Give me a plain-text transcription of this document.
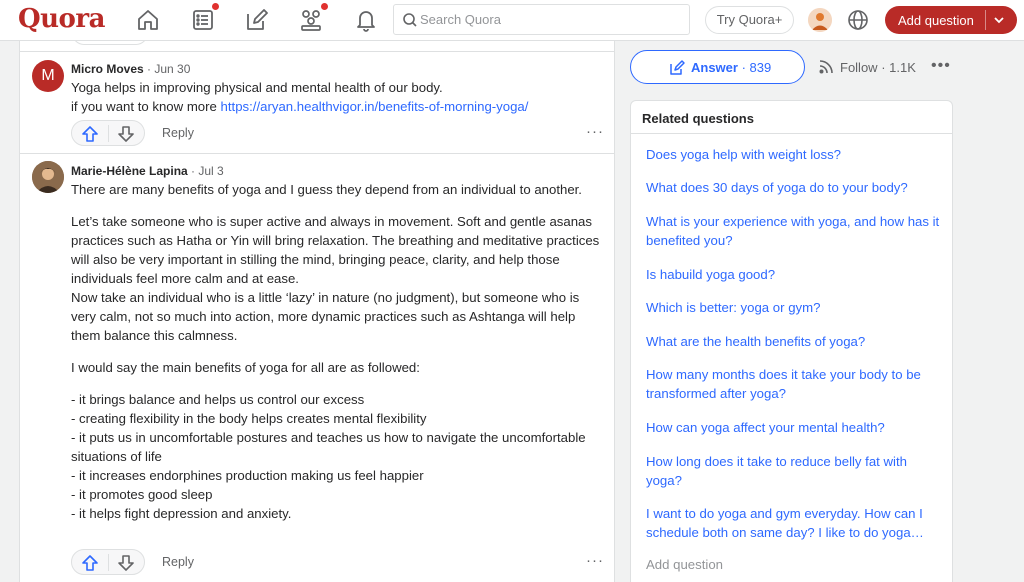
Quora
Search Quora	Try Quora+	Add question
M	Micro Moves · Jun 30

Yoga helps in improving physical and mental health of our body.

if you want to know more https://aryan.healthvigor.in/benefits-of-morning-yoga/

Reply	···
Marie-Hélène Lapina · Jul 3

There are many benefits of yoga and I guess they depend from an individual to another.

Let’s take someone who is super active and always in movement. Soft and gentle asanas practices such as Hatha or Yin will bring relaxation. The breathing and meditative practices will also be very important in stilling the mind, bringing peace, clarity, and help those individuals feel more calm and at ease.

Now take an individual who is a little ‘lazy’ in nature (no judgment), but someone who is very calm, not so much into action, more dynamic practices such as Ashtanga will help them balance this calmness.

I would say the main benefits of yoga for all are as followed:

- it brings balance and helps us control our excess

- creating flexibility in the body helps creates mental flexibility

- it puts us in uncomfortable postures and teaches us how to navigate the uncomfortable situations of life

- it increases endorphines production making us feel happier

- it promotes good sleep

- it helps fight depression and anxiety.

Reply	···
Answer · 839	Follow · 1.1K •••
Related questions
Does yoga help with weight loss?
What does 30 days of yoga do to your body?
What is your experience with yoga, and how has it benefited you?
Is habuild yoga good?
Which is better: yoga or gym?
What are the health benefits of yoga?
How many months does it take your body to be transformed after yoga?
How can yoga affect your mental health?
How long does it take to reduce belly fat with yoga?
I want to do yoga and gym everyday. How can I schedule both on same day? I like to do yoga…
Add question
